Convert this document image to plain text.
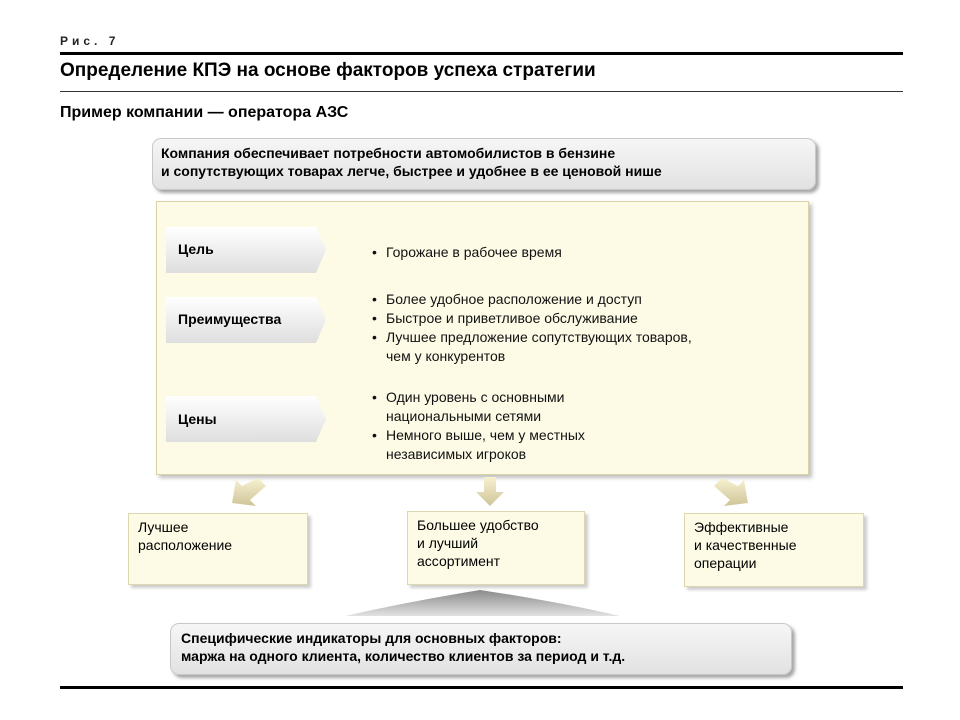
Рис. 7
Определение КПЭ на основе факторов успеха стратегии
Пример компании — оператора АЗС
Компания обеспечивает потребности автомобилистов в бензине
и сопутствующих товарах легче, быстрее и удобнее в ее ценовой нише
Цель
•	Горожане в рабочее время
Преимущества
• Более удобное расположение и доступ
• Быстрое и приветливое обслуживание
• Лучшее предложение сопутствующих товаров,
чем у конкурентов
Цены
• Один уровень с основными
национальными сетями
• Немного выше, чем у местных
независимых игроков
Лучшее
расположение
Большее удобство
и лучший
ассортимент
Эффективные
и качественные
операции
Специфические индикаторы для основных факторов:
маржа на одного клиента, количество клиентов за период и т.д.
